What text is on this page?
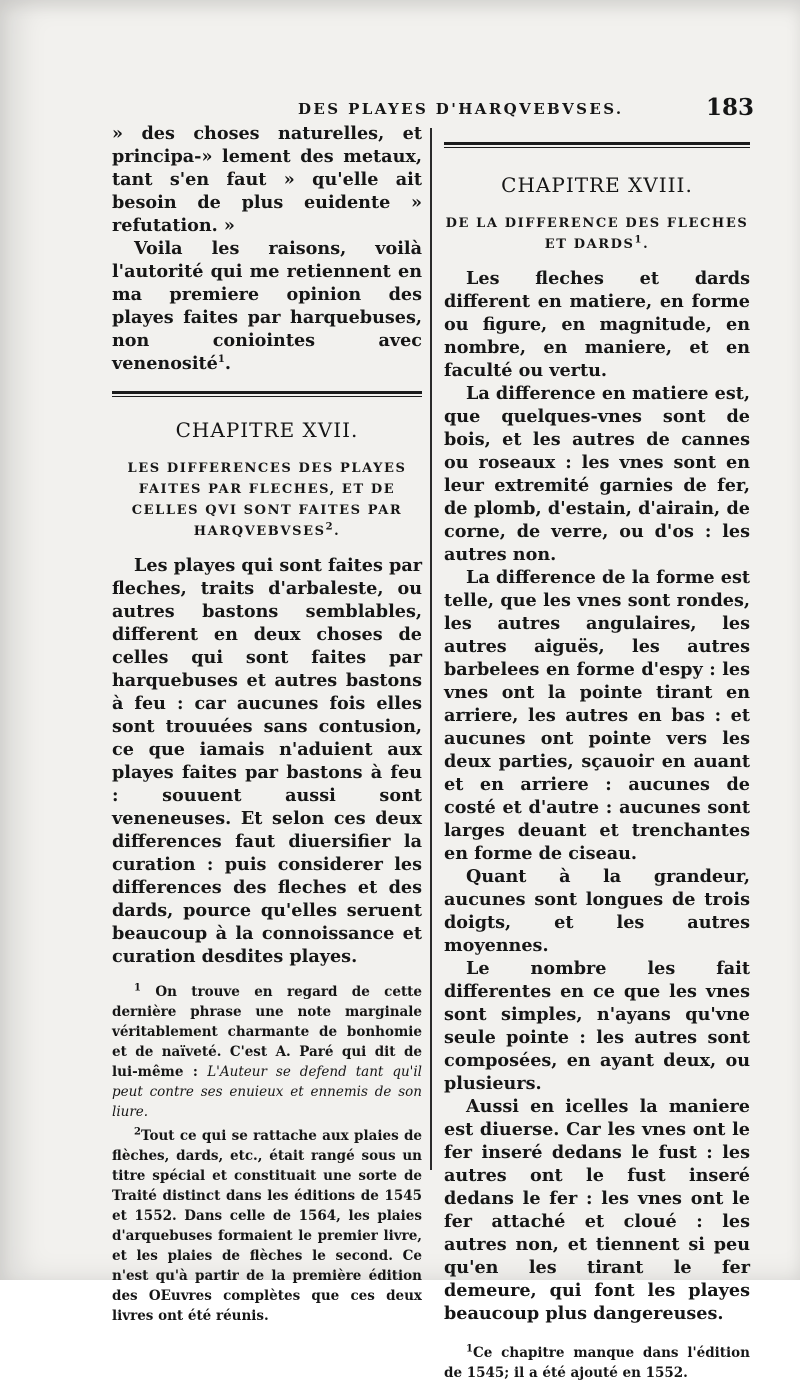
DES PLAYES D'HARQVEBVSES.	183

» des choses naturelles, et principa-» lement des metaux, tant s'en faut » qu'elle ait besoin de plus euidente » refutation. »

Voila les raisons, voilà l'autorité qui me retiennent en ma premiere opinion des playes faites par harquebuses, non coniointes avec venenosité$^1$.

CHAPITRE XVII.
LES DIFFERENCES DES PLAYES FAITES PAR FLECHES, ET DE CELLES QVI SONT FAITES PAR HARQVEBVSES$^2$.

Les playes qui sont faites par fleches, traits d'arbaleste, ou autres bastons semblables, different en deux choses de celles qui sont faites par harquebuses et autres bastons à feu : car aucunes fois elles sont trouuées sans contusion, ce que iamais n'aduient aux playes faites par bastons à feu : souuent aussi sont veneneuses. Et selon ces deux differences faut diuersifier la curation : puis considerer les differences des fleches et des dards, pource qu'elles seruent beaucoup à la connoissance et curation desdites playes.

$^1$ On trouve en regard de cette dernière phrase une note marginale véritablement charmante de bonhomie et de naïveté. C'est A. Paré qui dit de lui-même : L'Auteur se defend tant qu'il peut contre ses enuieux et ennemis de son liure.

$^2$Tout ce qui se rattache aux plaies de flèches, dards, etc., était rangé sous un titre spécial et constituait une sorte de Traité distinct dans les éditions de 1545 et 1552. Dans celle de 1564, les plaies d'arquebuses formaient le premier livre, et les plaies de flèches le second. Ce n'est qu'à partir de la première édition des OEuvres complètes que ces deux livres ont été réunis.

CHAPITRE XVIII.
DE LA DIFFERENCE DES FLECHES ET DARDS$^1$.

Les fleches et dards different en matiere, en forme ou figure, en magnitude, en nombre, en maniere, et en faculté ou vertu.

La difference en matiere est, que quelques-vnes sont de bois, et les autres de cannes ou roseaux : les vnes sont en leur extremité garnies de fer, de plomb, d'estain, d'airain, de corne, de verre, ou d'os : les autres non.

La difference de la forme est telle, que les vnes sont rondes, les autres angulaires, les autres aiguës, les autres barbelees en forme d'espy : les vnes ont la pointe tirant en arriere, les autres en bas : et aucunes ont pointe vers les deux parties, sçauoir en auant et en arriere : aucunes de costé et d'autre : aucunes sont larges deuant et trenchantes en forme de ciseau.

Quant à la grandeur, aucunes sont longues de trois doigts, et les autres moyennes.

Le nombre les fait differentes en ce que les vnes sont simples, n'ayans qu'vne seule pointe : les autres sont composées, en ayant deux, ou plusieurs.

Aussi en icelles la maniere est diuerse. Car les vnes ont le fer inseré dedans le fust : les autres ont le fust inseré dedans le fer : les vnes ont le fer attaché et cloué : les autres non, et tiennent si peu qu'en les tirant le fer demeure, qui font les playes beaucoup plus dangereuses.

$^1$Ce chapitre manque dans l'édition de 1545; il a été ajouté en 1552.
